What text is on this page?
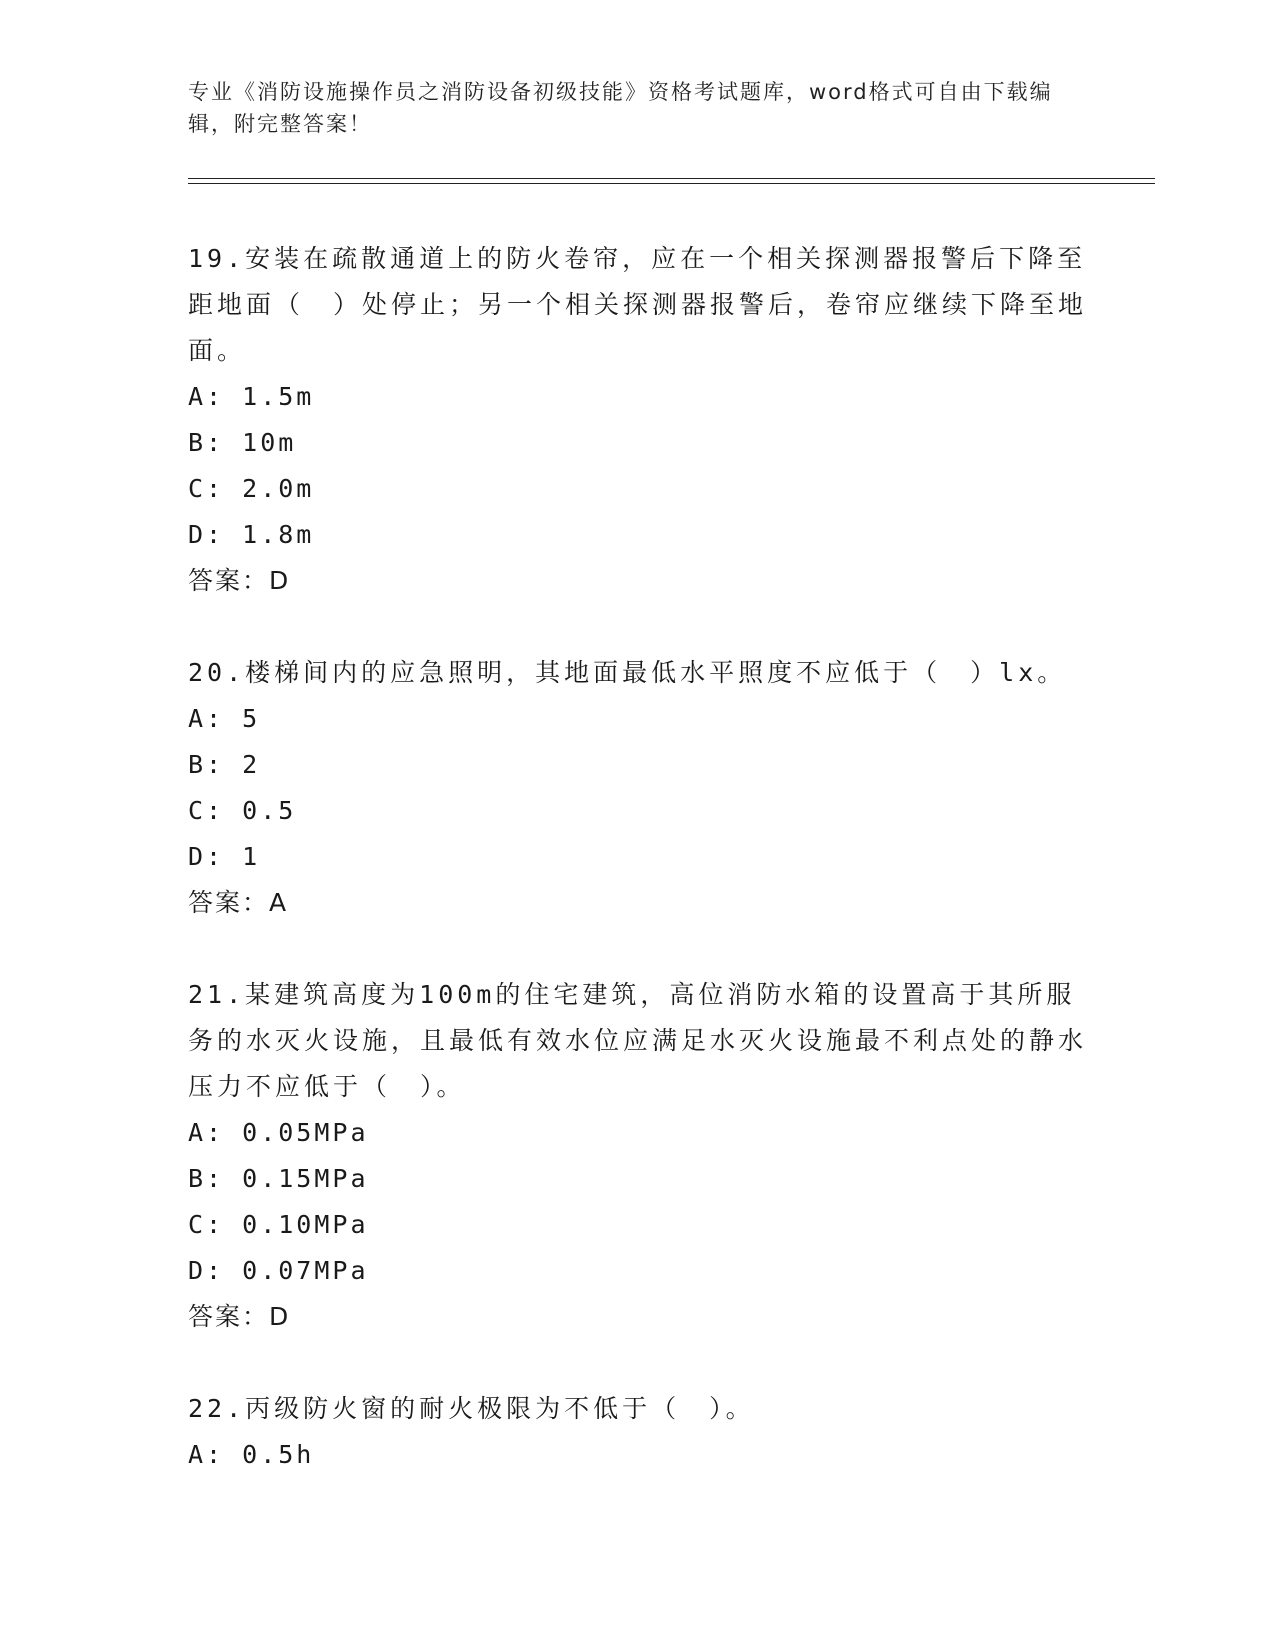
专业《消防设施操作员之消防设备初级技能》资格考试题库，word格式可自由下载编辑，附完整答案！

19.安装在疏散通道上的防火卷帘，应在一个相关探测器报警后下降至距地面（　）处停止；另一个相关探测器报警后，卷帘应继续下降至地面。

A: 1.5m

B: 10m

C: 2.0m

D: 1.8m

答案：D

20.楼梯间内的应急照明，其地面最低水平照度不应低于（　）lx。

A: 5

B: 2

C: 0.5

D: 1

答案：A

21.某建筑高度为100m的住宅建筑，高位消防水箱的设置高于其所服务的水灭火设施，且最低有效水位应满足水灭火设施最不利点处的静水压力不应低于（　）。

A: 0.05MPa

B: 0.15MPa

C: 0.10MPa

D: 0.07MPa

答案：D

22.丙级防火窗的耐火极限为不低于（　）。

A: 0.5h
